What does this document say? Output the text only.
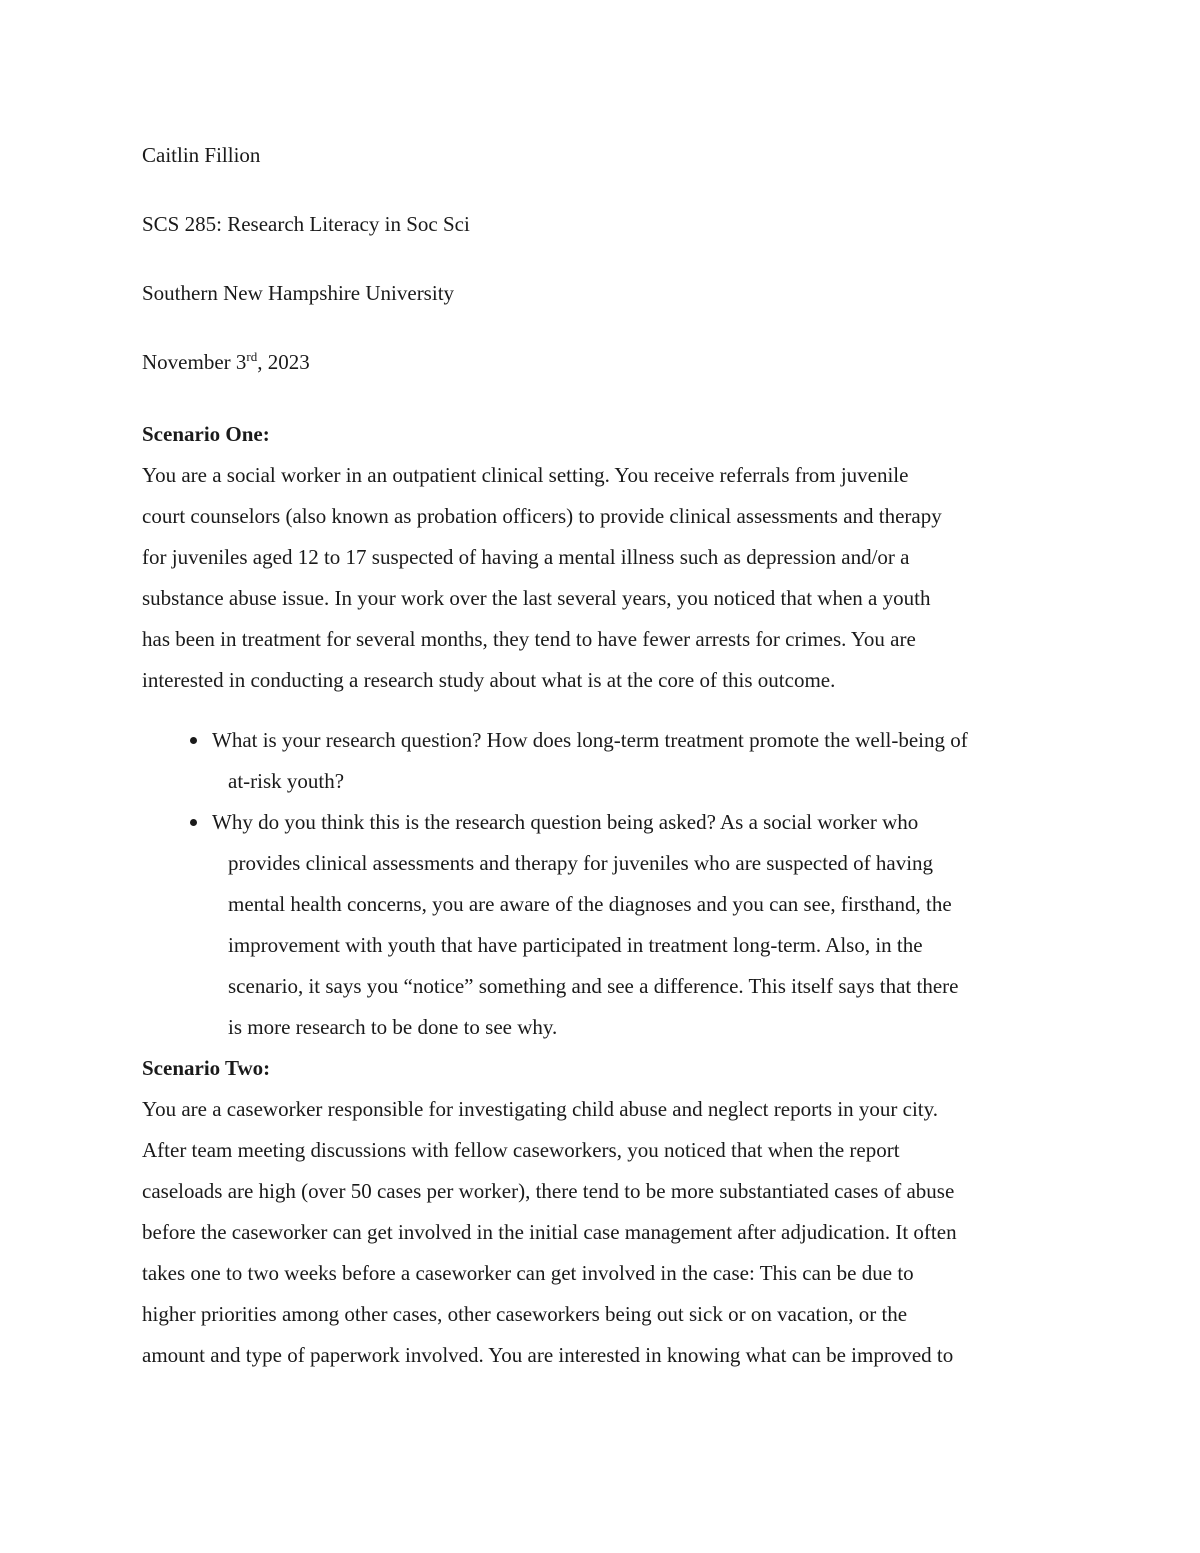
Caitlin Fillion
SCS 285: Research Literacy in Soc Sci
Southern New Hampshire University
November 3rd, 2023
Scenario One:
You are a social worker in an outpatient clinical setting. You receive referrals from juvenile
court counselors (also known as probation officers) to provide clinical assessments and therapy
for juveniles aged 12 to 17 suspected of having a mental illness such as depression and/or a
substance abuse issue. In your work over the last several years, you noticed that when a youth
has been in treatment for several months, they tend to have fewer arrests for crimes. You are
interested in conducting a research study about what is at the core of this outcome.
What is your research question? How does long-term treatment promote the well-being of
at-risk youth?
Why do you think this is the research question being asked? As a social worker who
provides clinical assessments and therapy for juveniles who are suspected of having
mental health concerns, you are aware of the diagnoses and you can see, firsthand, the
improvement with youth that have participated in treatment long-term. Also, in the
scenario, it says you “notice” something and see a difference. This itself says that there
is more research to be done to see why.
Scenario Two:
You are a caseworker responsible for investigating child abuse and neglect reports in your city.
After team meeting discussions with fellow caseworkers, you noticed that when the report
caseloads are high (over 50 cases per worker), there tend to be more substantiated cases of abuse
before the caseworker can get involved in the initial case management after adjudication. It often
takes one to two weeks before a caseworker can get involved in the case: This can be due to
higher priorities among other cases, other caseworkers being out sick or on vacation, or the
amount and type of paperwork involved. You are interested in knowing what can be improved to
